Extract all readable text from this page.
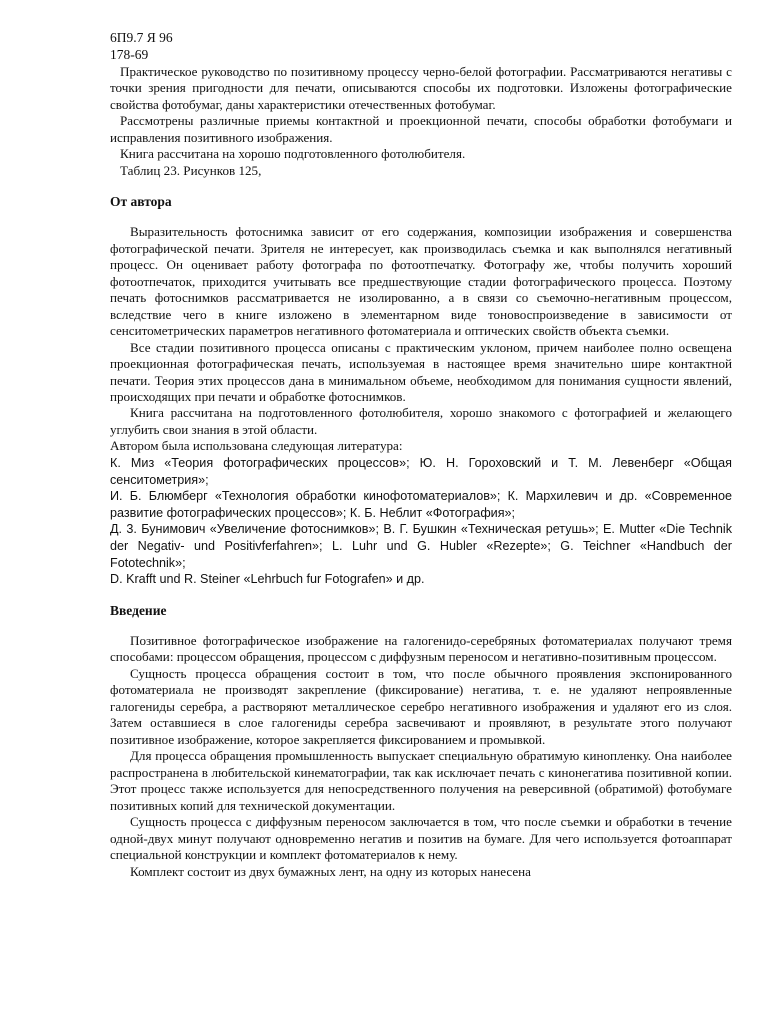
6П9.7 Я 96

178-69

Практическое руководство по позитивному процессу черно-белой фотографии. Рассматриваются негативы с точки зрения пригодности для печати, описываются способы их подготовки. Изложены фотографические свойства фотобумаг, даны характеристики отечественных фотобумаг.

Рассмотрены различные приемы контактной и проекционной печати, способы обработки фотобумаги и исправления позитивного изображения.

Книга рассчитана на хорошо подготовленного фотолюбителя.

Таблиц 23. Рисунков 125,

От автора

Выразительность фотоснимка зависит от его содержания, композиции изображения и совершенства фотографической печати. Зрителя не интересует, как производилась съемка и как выполнялся негативный процесс. Он оценивает работу фотографа по фотоотпечатку. Фотографу же, чтобы получить хороший фотоотпечаток, приходится учитывать все предшествующие стадии фотографического процесса. Поэтому печать фотоснимков рассматривается не изолированно, а в связи со съемочно-негативным процессом, вследствие чего в книге изложено в элементарном виде тоновоспроизведение в зависимости от сенситометрических параметров негативного фотоматериала и оптических свойств объекта съемки.

Все стадии позитивного процесса описаны с практическим уклоном, причем наиболее полно освещена проекционная фотографическая печать, используемая в настоящее время значительно шире контактной печати. Теория этих процессов дана в минимальном объеме, необходимом для понимания сущности явлений, происходящих при печати и обработке фотоснимков.

Книга рассчитана на подготовленного фотолюбителя, хорошо знакомого с фотографией и желающего углубить свои знания в этой области.

Автором была использована следующая литература:

К. Миз «Теория фотографических процессов»; Ю. Н. Гороховский и Т. М. Левенберг «Общая сенситометрия»;

И. Б. Блюмберг «Технология обработки кинофотоматериалов»; К. Мархилевич и др. «Современное развитие фотографических процессов»; К. Б. Неблит «Фотография»;

Д. 3. Бунимович «Увеличение фотоснимков»; В. Г. Бушкин «Техническая ретушь»; E. Mutter «Die Technik der Negativ- und Positivferfahren»; L. Luhr und G. Hubler «Rezepte»; G. Teichner «Handbuch der Fototechnik»;

D. Krafft und R. Steiner «Lehrbuch fur Fotografen» и др.

Введение

Позитивное фотографическое изображение на галогенидо-серебряных фотоматериалах получают тремя способами: процессом обращения, процессом с диффузным переносом и негативно-позитивным процессом.

Сущность процесса обращения состоит в том, что после обычного проявления экспонированного фотоматериала не производят закрепление (фиксирование) негатива, т. е. не удаляют непроявленные галогениды серебра, а растворяют металлическое серебро негативного изображения и удаляют его из слоя. Затем оставшиеся в слое галогениды серебра засвечивают и проявляют, в результате этого получают позитивное изображение, которое закрепляется фиксированием и промывкой.

Для процесса обращения промышленность выпускает специальную обратимую кинопленку. Она наиболее распространена в любительской кинематографии, так как исключает печать с кинонегатива позитивной копии. Этот процесс также используется для непосредственного получения на реверсивной (обратимой) фотобумаге позитивных копий для технической документации.

Сущность процесса с диффузным переносом заключается в том, что после съемки и обработки в течение одной-двух минут получают одновременно негатив и позитив на бумаге. Для чего используется фотоаппарат специальной конструкции и комплект фотоматериалов к нему.

Комплект состоит из двух бумажных лент, на одну из которых нанесена
